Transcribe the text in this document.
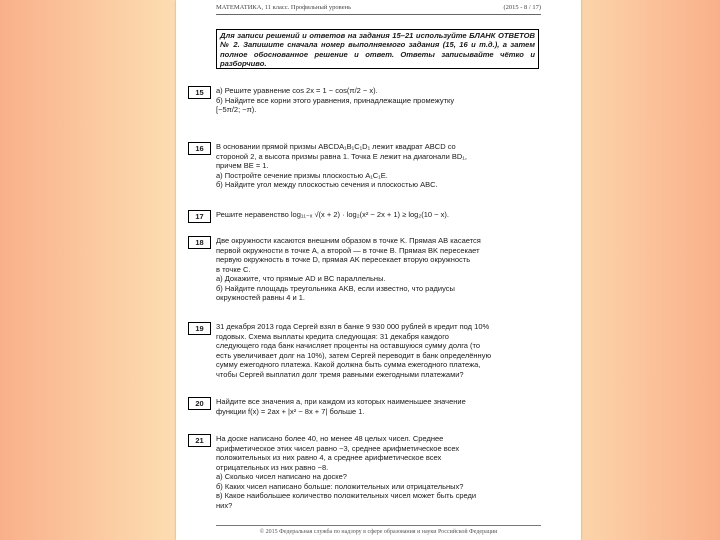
МАТЕМАТИКА, 11 класс. Профильный уровень	(2015 - 8 / 17)
Для записи решений и ответов на задания 15–21 используйте БЛАНК ОТВЕТОВ № 2. Запишите сначала номер выполняемого задания (15, 16 и т.д.), а затем полное обоснованное решение и ответ. Ответы записывайте чётко и разборчиво.
15	а) Решите уравнение cos 2x = 1 − cos(π/2 − x).
б) Найдите все корни этого уравнения, принадлежащие промежутку
[−5π/2; −π).
16	В основании прямой призмы ABCDA₁B₁C₁D₁ лежит квадрат ABCD со
стороной 2, а высота призмы равна 1. Точка E лежит на диагонали BD₁,
причем BE = 1.
а) Постройте сечение призмы плоскостью A₁C₁E.
б) Найдите угол между плоскостью сечения и плоскостью ABC.
17	Решите неравенство log₁₁₋ₓ √(x + 2) · log₂(x² − 2x + 1) ≥ log₂(10 − x).
18	Две окружности касаются внешним образом в точке K. Прямая AB касается
первой окружности в точке A, а второй — в точке B. Прямая BK пересекает
первую окружность в точке D, прямая AK пересекает вторую окружность
в точке C.
а) Докажите, что прямые AD и BC параллельны.
б) Найдите площадь треугольника AKB, если известно, что радиусы
окружностей равны 4 и 1.
19	31 декабря 2013 года Сергей взял в банке 9 930 000 рублей в кредит под 10%
годовых. Схема выплаты кредита следующая: 31 декабря каждого
следующего года банк начисляет проценты на оставшуюся сумму долга (то
есть увеличивает долг на 10%), затем Сергей переводит в банк определённую
сумму ежегодного платежа. Какой должна быть сумма ежегодного платежа,
чтобы Сергей выплатил долг тремя равными ежегодными платежами?
20	Найдите все значения a, при каждом из которых наименьшее значение
функции f(x) = 2ax + |x² − 8x + 7| больше 1.
21	На доске написано более 40, но менее 48 целых чисел. Среднее
арифметическое этих чисел равно −3, среднее арифметическое всех
положительных из них равно 4, а среднее арифметическое всех
отрицательных из них равно −8.
а) Сколько чисел написано на доске?
б) Каких чисел написано больше: положительных или отрицательных?
в) Какое наибольшее количество положительных чисел может быть среди
них?
© 2015 Федеральная служба по надзору в сфере образования и науки Российской Федерации
